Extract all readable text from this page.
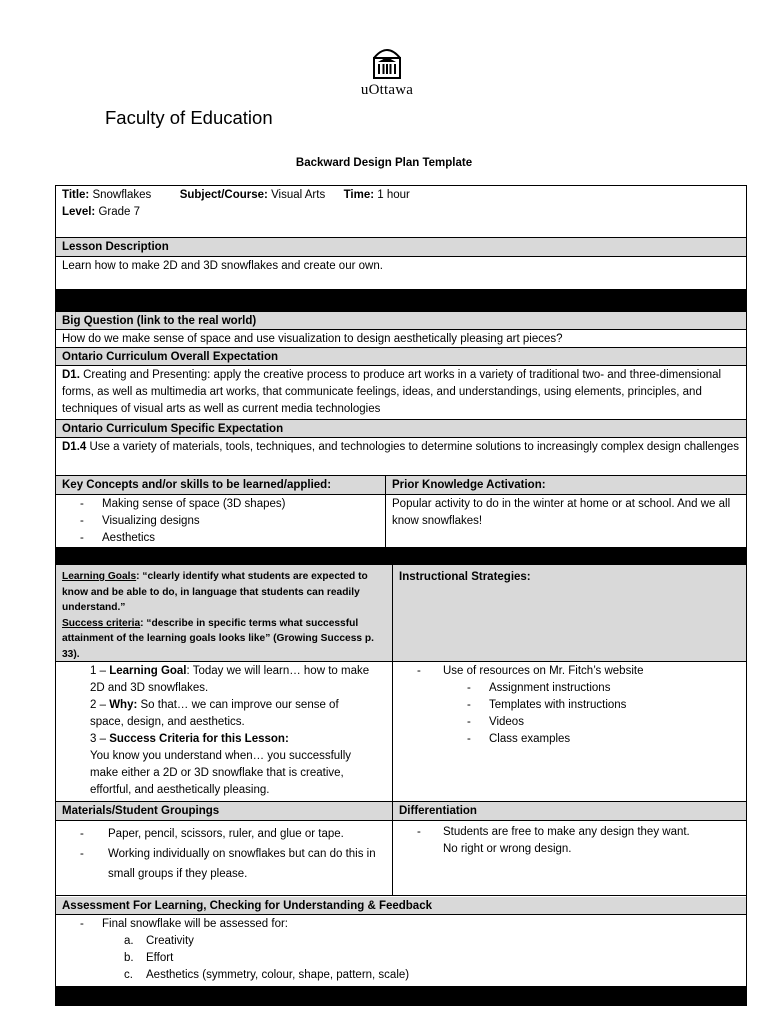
uOttawa
Faculty of Education
Backward Design Plan Template
Title: Snowflakes Subject/Course: Visual Arts Time: 1 hour
Level: Grade 7
Lesson Description
Learn how to make 2D and 3D snowflakes and create our own.
Big Question (link to the real world)
How do we make sense of space and use visualization to design aesthetically pleasing art pieces?
Ontario Curriculum Overall Expectation
D1. Creating and Presenting: apply the creative process to produce art works in a variety of traditional two- and three-dimensional forms, as well as multimedia art works, that communicate feelings, ideas, and understandings, using elements, principles, and techniques of visual arts as well as current media technologies
Ontario Curriculum Specific Expectation
D1.4 Use a variety of materials, tools, techniques, and technologies to determine solutions to increasingly complex design challenges
Key Concepts and/or skills to be learned/applied:	Prior Knowledge Activation:
- Making sense of space (3D shapes)
- Visualizing designs
- Aesthetics
Popular activity to do in the winter at home or at school. And we all know snowflakes!
Learning Goals: “clearly identify what students are expected to know and be able to do, in language that students can readily understand.”
Success criteria: “describe in specific terms what successful attainment of the learning goals looks like” (Growing Success p. 33).
Instructional Strategies:
1 – Learning Goal: Today we will learn… how to make 2D and 3D snowflakes.
2 – Why: So that… we can improve our sense of space, design, and aesthetics.
3 – Success Criteria for this Lesson:
You know you understand when… you successfully make either a 2D or 3D snowflake that is creative, effortful, and aesthetically pleasing.
- Use of resources on Mr. Fitch’s website
- Assignment instructions
- Templates with instructions
- Videos
- Class examples
Materials/Student Groupings	Differentiation
- Paper, pencil, scissors, ruler, and glue or tape.
- Working individually on snowflakes but can do this in small groups if they please.
- Students are free to make any design they want. No right or wrong design.
Assessment For Learning, Checking for Understanding & Feedback
- Final snowflake will be assessed for:
a. Creativity
b. Effort
c. Aesthetics (symmetry, colour, shape, pattern, scale)
